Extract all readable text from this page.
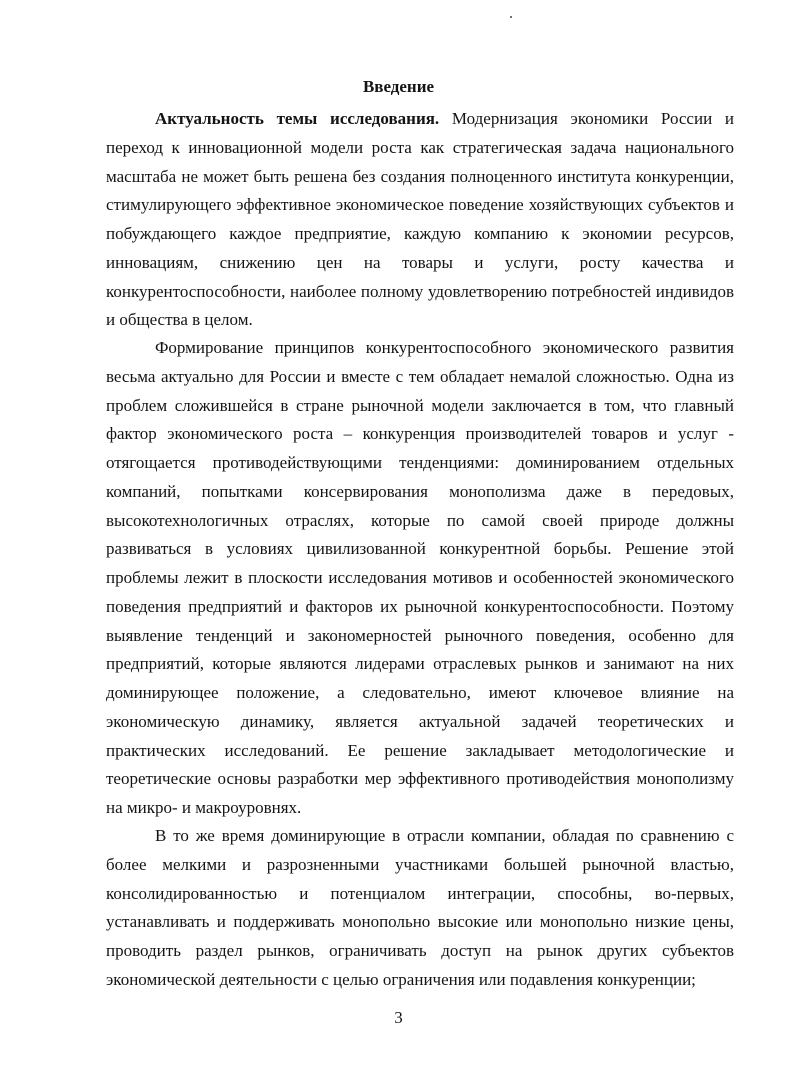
Введение

Актуальность темы исследования. Модернизация экономики России и переход к инновационной модели роста как стратегическая задача национального масштаба не может быть решена без создания полноценного института конкуренции, стимулирующего эффективное экономическое поведение хозяйствующих субъектов и побуждающего каждое предприятие, каждую компанию к экономии ресурсов, инновациям, снижению цен на товары и услуги, росту качества и конкурентоспособности, наиболее полному удовлетворению потребностей индивидов и общества в целом.

Формирование принципов конкурентоспособного экономического развития весьма актуально для России и вместе с тем обладает немалой сложностью. Одна из проблем сложившейся в стране рыночной модели заключается в том, что главный фактор экономического роста – конкуренция производителей товаров и услуг - отягощается противодействующими тенденциями: доминированием отдельных компаний, попытками консервирования монополизма даже в передовых, высокотехнологичных отраслях, которые по самой своей природе должны развиваться в условиях цивилизованной конкурентной борьбы. Решение этой проблемы лежит в плоскости исследования мотивов и особенностей экономического поведения предприятий и факторов их рыночной конкурентоспособности. Поэтому выявление тенденций и закономерностей рыночного поведения, особенно для предприятий, которые являются лидерами отраслевых рынков и занимают на них доминирующее положение, а следовательно, имеют ключевое влияние на экономическую динамику, является актуальной задачей теоретических и практических исследований. Ее решение закладывает методологические и теоретические основы разработки мер эффективного противодействия монополизму на микро- и макроуровнях.

В то же время доминирующие в отрасли компании, обладая по сравнению с более мелкими и разрозненными участниками большей рыночной властью, консолидированностью и потенциалом интеграции, способны, во-первых, устанавливать и поддерживать монопольно высокие или монопольно низкие цены, проводить раздел рынков, ограничивать доступ на рынок других субъектов экономической деятельности с целью ограничения или подавления конкуренции;

3
